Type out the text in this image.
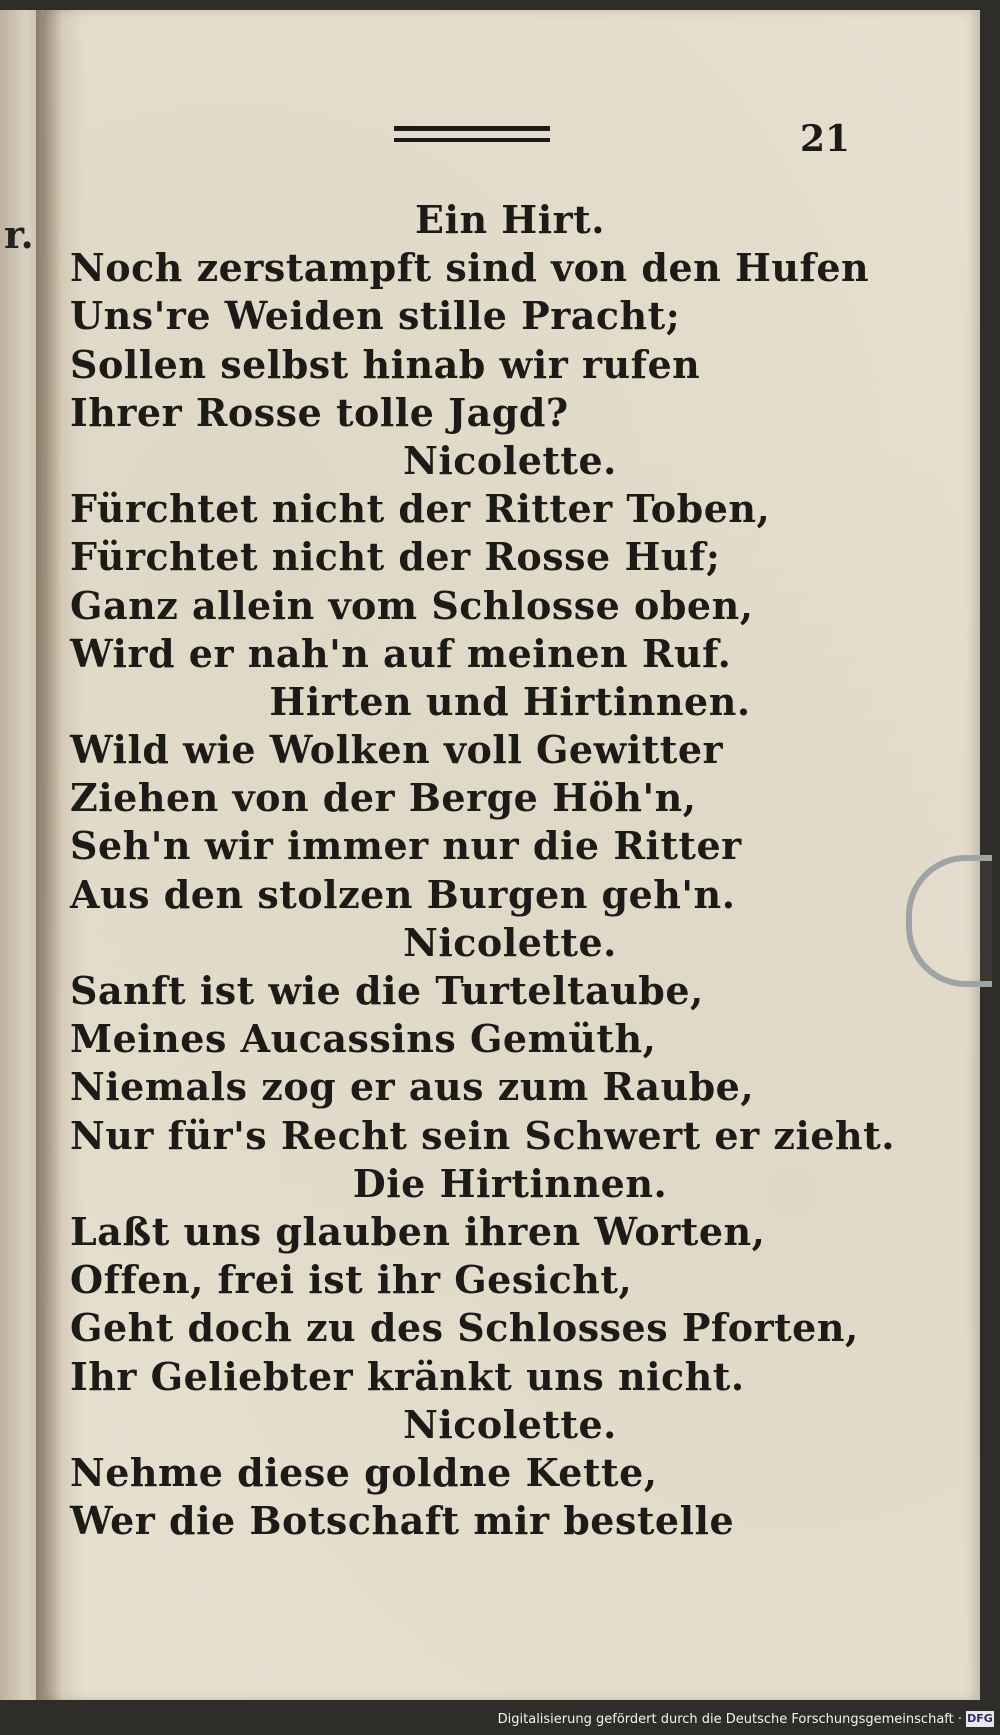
r.
21
Ein Hirt.
Noch zerstampft sind von den Hufen
Uns're Weiden stille Pracht;
Sollen selbst hinab wir rufen
Ihrer Rosse tolle Jagd?
Nicolette.
Fürchtet nicht der Ritter Toben,
Fürchtet nicht der Rosse Huf;
Ganz allein vom Schlosse oben,
Wird er nah'n auf meinen Ruf.
Hirten und Hirtinnen.
Wild wie Wolken voll Gewitter
Ziehen von der Berge Höh'n,
Seh'n wir immer nur die Ritter
Aus den stolzen Burgen geh'n.
Nicolette.
Sanft ist wie die Turteltaube,
Meines Aucassins Gemüth,
Niemals zog er aus zum Raube,
Nur für's Recht sein Schwert er zieht.
Die Hirtinnen.
Laßt uns glauben ihren Worten,
Offen, frei ist ihr Gesicht,
Geht doch zu des Schlosses Pforten,
Ihr Geliebter kränkt uns nicht.
Nicolette.
Nehme diese goldne Kette,
Wer die Botschaft mir bestelle
Digitalisierung gefördert durch die Deutsche Forschungsgemeinschaft · DFG
